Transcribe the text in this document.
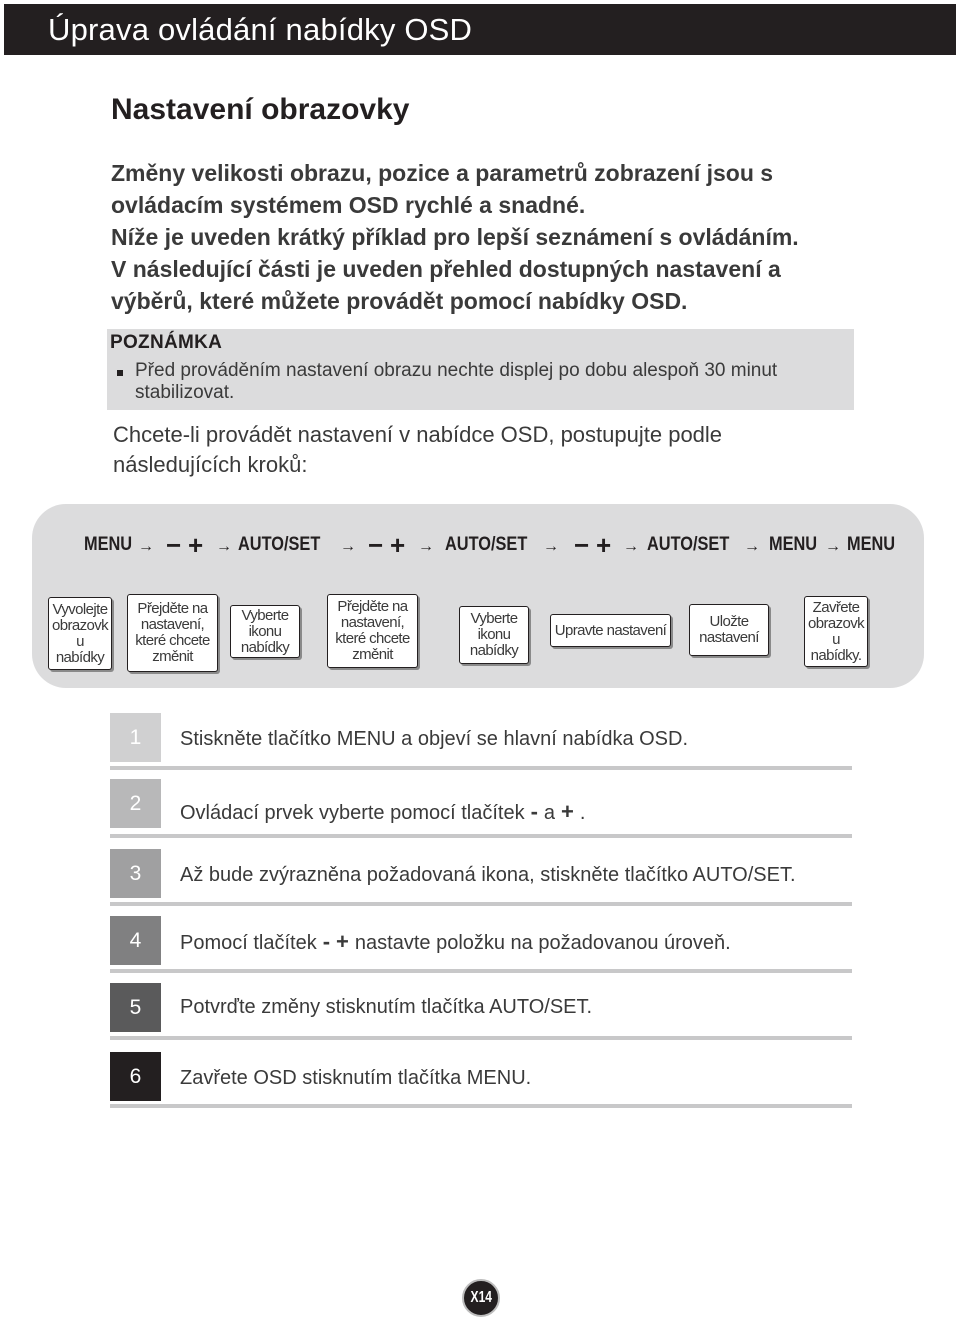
Úprava ovládání nabídky OSD
Nastavení obrazovky
Změny velikosti obrazu, pozice a parametrů zobrazení jsou s
ovládacím systémem OSD rychlé a snadné.
Níže je uveden krátký příklad pro lepší seznámení s ovládáním.
V následující části je uveden přehled dostupných nastavení a
výběrů, které můžete provádět pomocí nabídky OSD.
POZNÁMKA
Před prováděním nastavení obrazu nechte displej po dobu alespoň 30 minut stabilizovat.
Chcete-li provádět nastavení v nabídce OSD, postupujte podle následujících kroků:
MENU → − + → AUTO/SET → − + → AUTO/SET → − + → AUTO/SET → MENU → MENU
Vyvolejte
obrazovk
u
nabídky
Přejděte na
nastavení,
které chcete
změnit
Vyberte
ikonu
nabídky
Přejděte na
nastavení,
které chcete
změnit
Vyberte
ikonu
nabídky
Upravte nastavení	Uložte
nastavení
Zavřete
obrazovk
u
nabídky.
1	Stiskněte tlačítko MENU a objeví se hlavní nabídka OSD.
2	Ovládací prvek vyberte pomocí tlačítek - a + .
3	Až bude zvýrazněna požadovaná ikona, stiskněte tlačítko AUTO/SET.
4	Pomocí tlačítek - + nastavte položku na požadovanou úroveň.
5	Potvrďte změny stisknutím tlačítka AUTO/SET.
6	Zavřete OSD stisknutím tlačítka MENU.
X14
